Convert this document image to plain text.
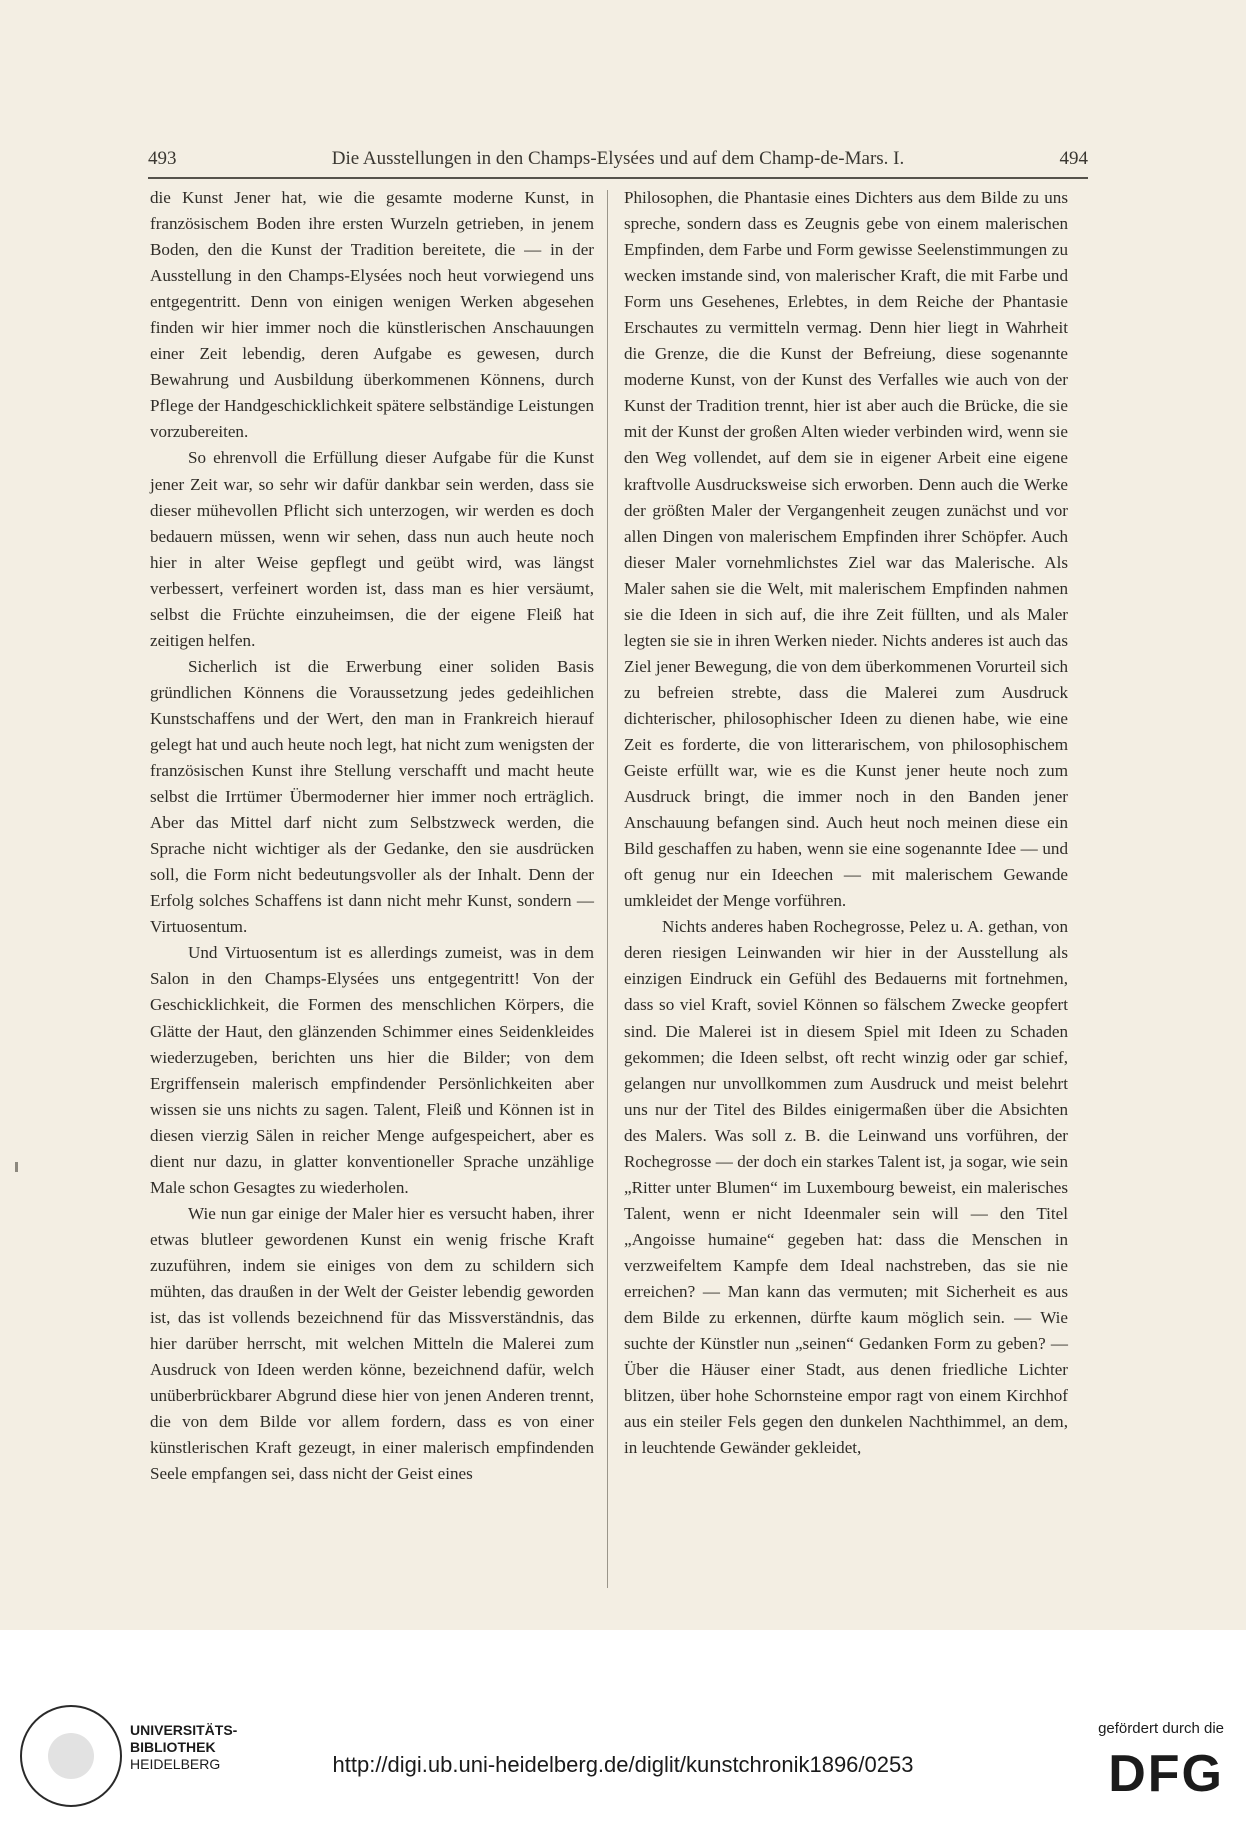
493	Die Ausstellungen in den Champs-Elysées und auf dem Champ-de-Mars. I.	494

die Kunst Jener hat, wie die gesamte moderne Kunst, in französischem Boden ihre ersten Wurzeln getrieben, in jenem Boden, den die Kunst der Tradition bereitete, die — in der Ausstellung in den Champs-Elysées noch heut vorwiegend uns entgegentritt. Denn von einigen wenigen Werken abgesehen finden wir hier immer noch die künstlerischen Anschauungen einer Zeit lebendig, deren Aufgabe es gewesen, durch Bewahrung und Ausbildung überkommenen Könnens, durch Pflege der Handgeschicklichkeit spätere selbständige Leistungen vorzubereiten.

So ehrenvoll die Erfüllung dieser Aufgabe für die Kunst jener Zeit war, so sehr wir dafür dankbar sein werden, dass sie dieser mühevollen Pflicht sich unterzogen, wir werden es doch bedauern müssen, wenn wir sehen, dass nun auch heute noch hier in alter Weise gepflegt und geübt wird, was längst verbessert, verfeinert worden ist, dass man es hier versäumt, selbst die Früchte einzuheimsen, die der eigene Fleiß hat zeitigen helfen.

Sicherlich ist die Erwerbung einer soliden Basis gründlichen Könnens die Voraussetzung jedes gedeihlichen Kunstschaffens und der Wert, den man in Frankreich hierauf gelegt hat und auch heute noch legt, hat nicht zum wenigsten der französischen Kunst ihre Stellung verschafft und macht heute selbst die Irrtümer Übermoderner hier immer noch erträglich. Aber das Mittel darf nicht zum Selbstzweck werden, die Sprache nicht wichtiger als der Gedanke, den sie ausdrücken soll, die Form nicht bedeutungsvoller als der Inhalt. Denn der Erfolg solches Schaffens ist dann nicht mehr Kunst, sondern — Virtuosentum.

Und Virtuosentum ist es allerdings zumeist, was in dem Salon in den Champs-Elysées uns entgegentritt! Von der Geschicklichkeit, die Formen des menschlichen Körpers, die Glätte der Haut, den glänzenden Schimmer eines Seidenkleides wiederzugeben, berichten uns hier die Bilder; von dem Ergriffensein malerisch empfindender Persönlichkeiten aber wissen sie uns nichts zu sagen. Talent, Fleiß und Können ist in diesen vierzig Sälen in reicher Menge aufgespeichert, aber es dient nur dazu, in glatter konventioneller Sprache unzählige Male schon Gesagtes zu wiederholen.

Wie nun gar einige der Maler hier es versucht haben, ihrer etwas blutleer gewordenen Kunst ein wenig frische Kraft zuzuführen, indem sie einiges von dem zu schildern sich mühten, das draußen in der Welt der Geister lebendig geworden ist, das ist vollends bezeichnend für das Missverständnis, das hier darüber herrscht, mit welchen Mitteln die Malerei zum Ausdruck von Ideen werden könne, bezeichnend dafür, welch unüberbrückbarer Abgrund diese hier von jenen Anderen trennt, die von dem Bilde vor allem fordern, dass es von einer künstlerischen Kraft gezeugt, in einer malerisch empfindenden Seele empfangen sei, dass nicht der Geist eines

Philosophen, die Phantasie eines Dichters aus dem Bilde zu uns spreche, sondern dass es Zeugnis gebe von einem malerischen Empfinden, dem Farbe und Form gewisse Seelenstimmungen zu wecken imstande sind, von malerischer Kraft, die mit Farbe und Form uns Gesehenes, Erlebtes, in dem Reiche der Phantasie Erschautes zu vermitteln vermag. Denn hier liegt in Wahrheit die Grenze, die die Kunst der Befreiung, diese sogenannte moderne Kunst, von der Kunst des Verfalles wie auch von der Kunst der Tradition trennt, hier ist aber auch die Brücke, die sie mit der Kunst der großen Alten wieder verbinden wird, wenn sie den Weg vollendet, auf dem sie in eigener Arbeit eine eigene kraftvolle Ausdrucksweise sich erworben. Denn auch die Werke der größten Maler der Vergangenheit zeugen zunächst und vor allen Dingen von malerischem Empfinden ihrer Schöpfer. Auch dieser Maler vornehmlichstes Ziel war das Malerische. Als Maler sahen sie die Welt, mit malerischem Empfinden nahmen sie die Ideen in sich auf, die ihre Zeit füllten, und als Maler legten sie sie in ihren Werken nieder. Nichts anderes ist auch das Ziel jener Bewegung, die von dem überkommenen Vorurteil sich zu befreien strebte, dass die Malerei zum Ausdruck dichterischer, philosophischer Ideen zu dienen habe, wie eine Zeit es forderte, die von litterarischem, von philosophischem Geiste erfüllt war, wie es die Kunst jener heute noch zum Ausdruck bringt, die immer noch in den Banden jener Anschauung befangen sind. Auch heut noch meinen diese ein Bild geschaffen zu haben, wenn sie eine sogenannte Idee — und oft genug nur ein Ideechen — mit malerischem Gewande umkleidet der Menge vorführen.

Nichts anderes haben Rochegrosse, Pelez u. A. gethan, von deren riesigen Leinwanden wir hier in der Ausstellung als einzigen Eindruck ein Gefühl des Bedauerns mit fortnehmen, dass so viel Kraft, soviel Können so fälschem Zwecke geopfert sind. Die Malerei ist in diesem Spiel mit Ideen zu Schaden gekommen; die Ideen selbst, oft recht winzig oder gar schief, gelangen nur unvollkommen zum Ausdruck und meist belehrt uns nur der Titel des Bildes einigermaßen über die Absichten des Malers. Was soll z. B. die Leinwand uns vorführen, der Rochegrosse — der doch ein starkes Talent ist, ja sogar, wie sein „Ritter unter Blumen“ im Luxembourg beweist, ein malerisches Talent, wenn er nicht Ideenmaler sein will — den Titel „Angoisse humaine“ gegeben hat: dass die Menschen in verzweifeltem Kampfe dem Ideal nachstreben, das sie nie erreichen? — Man kann das vermuten; mit Sicherheit es aus dem Bilde zu erkennen, dürfte kaum möglich sein. — Wie suchte der Künstler nun „seinen“ Gedanken Form zu geben? — Über die Häuser einer Stadt, aus denen friedliche Lichter blitzen, über hohe Schornsteine empor ragt von einem Kirchhof aus ein steiler Fels gegen den dunkelen Nachthimmel, an dem, in leuchtende Gewänder gekleidet,

UNIVERSITÄTS-
BIBLIOTHEK
HEIDELBERG	http://digi.ub.uni-heidelberg.de/diglit/kunstchronik1896/0253
gefördert durch die
DFG
